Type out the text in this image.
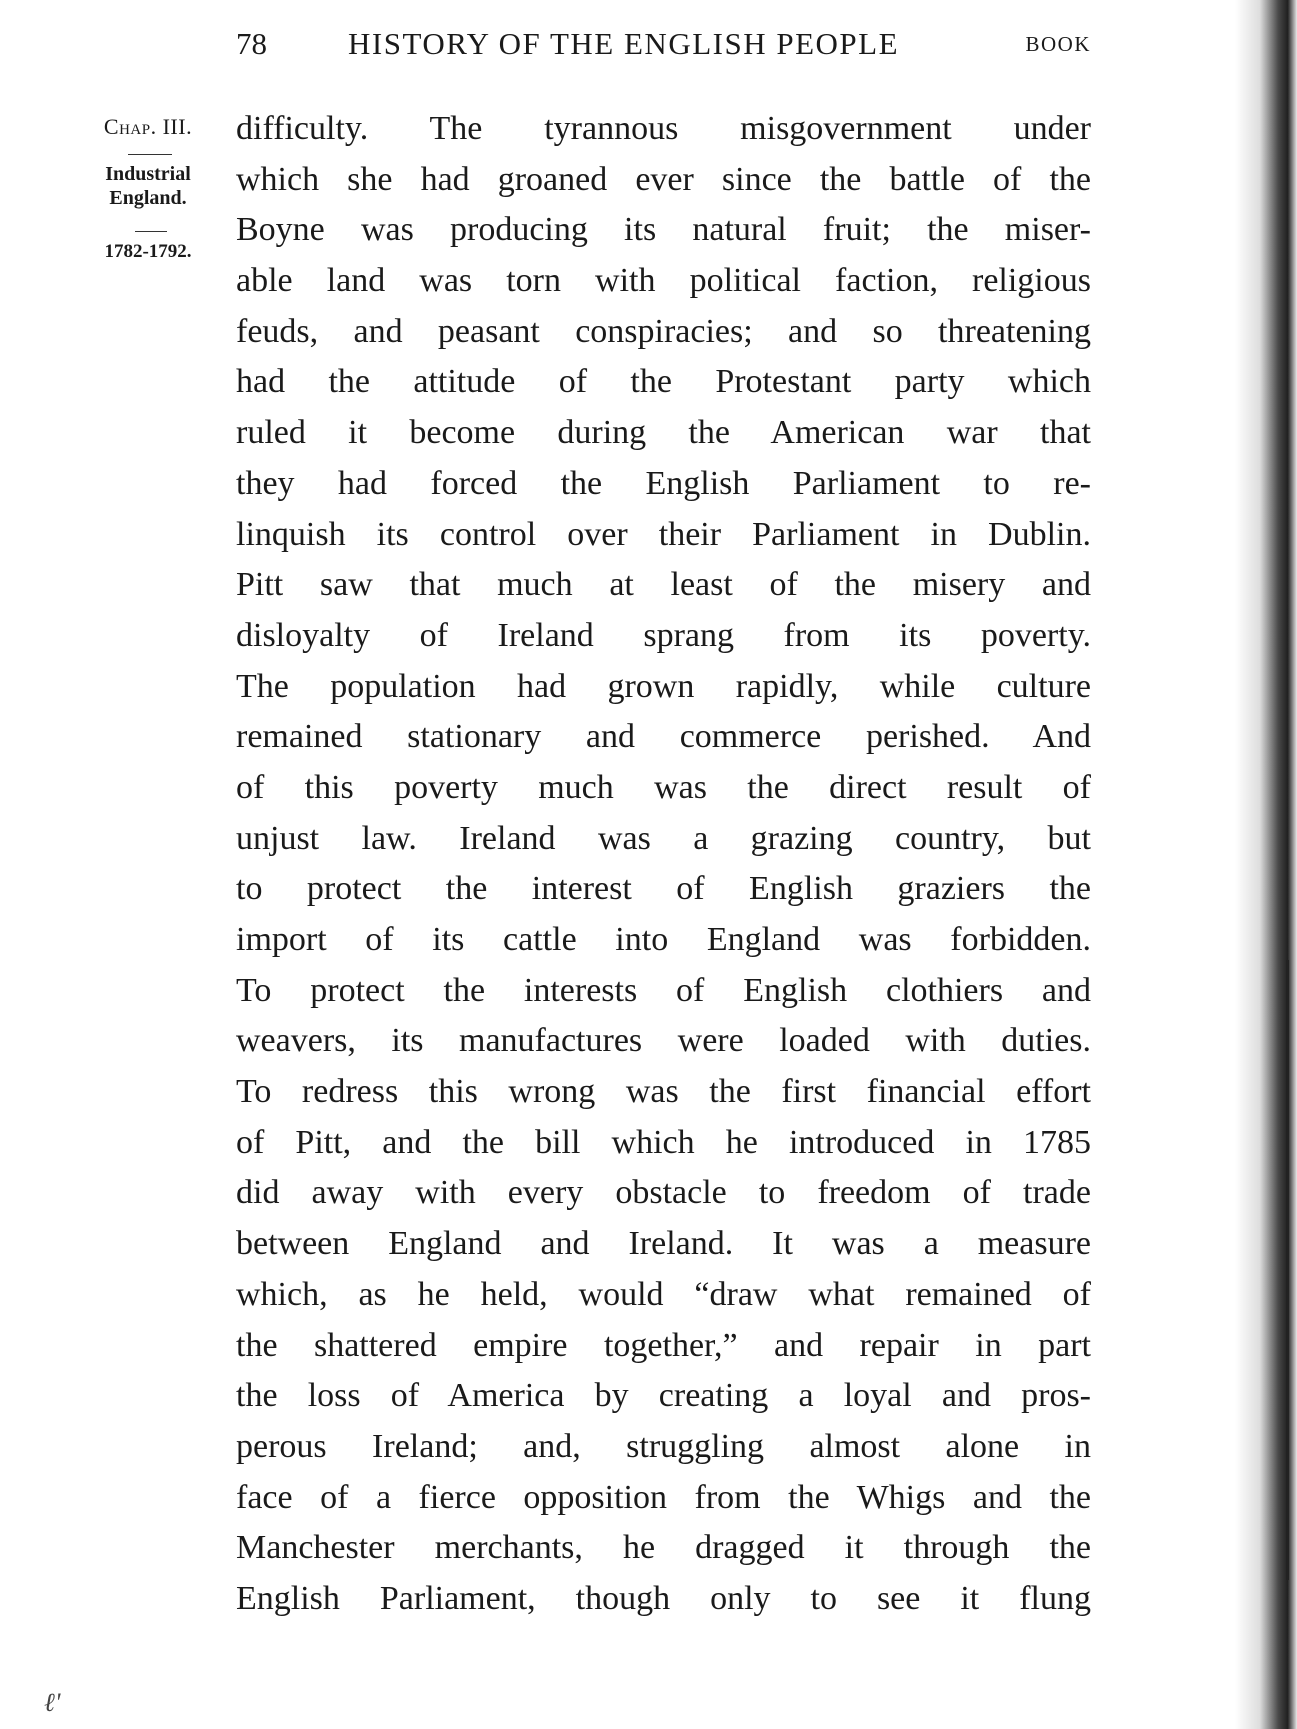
78	HISTORY OF THE ENGLISH PEOPLE	BOOK
Chap. III.
Industrial
England.
1782-1792.
difficulty. The tyrannous misgovernment under
which she had groaned ever since the battle of the
Boyne was producing its natural fruit; the miser-
able land was torn with political faction, religious
feuds, and peasant conspiracies; and so threatening
had the attitude of the Protestant party which
ruled it become during the American war that
they had forced the English Parliament to re-
linquish its control over their Parliament in Dublin.
Pitt saw that much at least of the misery and
disloyalty of Ireland sprang from its poverty.
The population had grown rapidly, while culture
remained stationary and commerce perished. And
of this poverty much was the direct result of
unjust law. Ireland was a grazing country, but
to protect the interest of English graziers the
import of its cattle into England was forbidden.
To protect the interests of English clothiers and
weavers, its manufactures were loaded with duties.
To redress this wrong was the first financial effort
of Pitt, and the bill which he introduced in 1785
did away with every obstacle to freedom of trade
between England and Ireland. It was a measure
which, as he held, would “draw what remained of
the shattered empire together,” and repair in part
the loss of America by creating a loyal and pros-
perous Ireland; and, struggling almost alone in
face of a fierce opposition from the Whigs and the
Manchester merchants, he dragged it through the
English Parliament, though only to see it flung
ℓ'
